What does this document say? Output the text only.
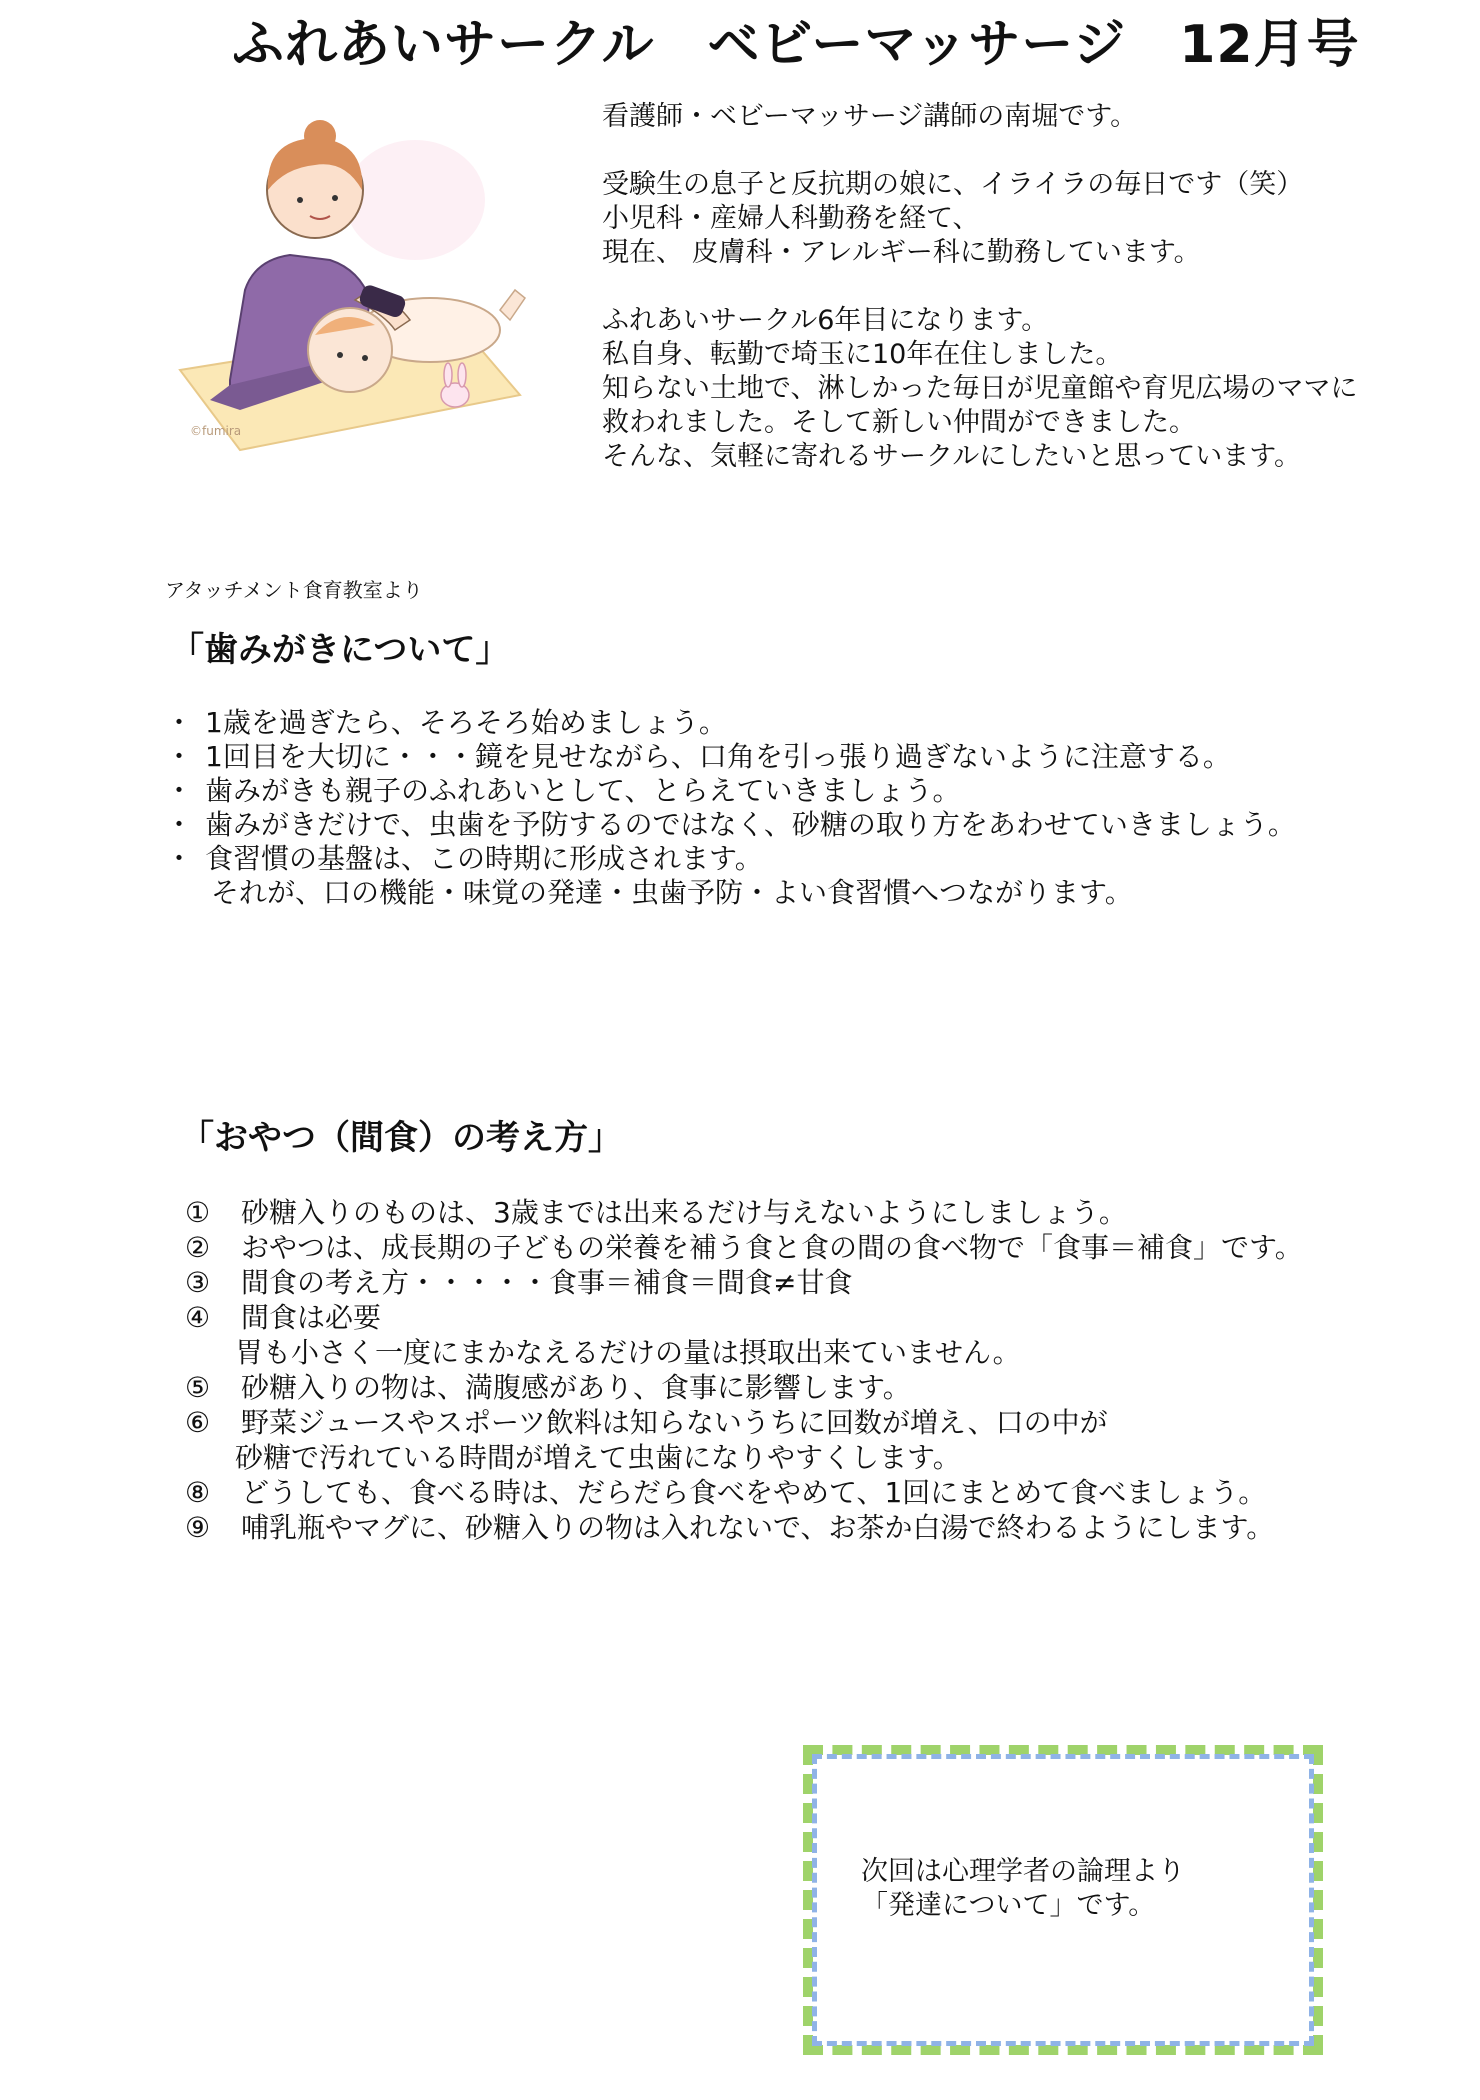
ふれあいサークル　ベビーマッサージ　12月号
©fumira

看護師・ベビーマッサージ講師の南堀です。

受験生の息子と反抗期の娘に、イライラの毎日です（笑）

小児科・産婦人科勤務を経て、

現在、 皮膚科・アレルギー科に勤務しています。

ふれあいサークル6年目になります。

私自身、転勤で埼玉に10年在住しました。

知らない土地で、淋しかった毎日が児童館や育児広場のママに

救われました。そして新しい仲間ができました。

そんな、気軽に寄れるサークルにしたいと思っています。

アタッチメント食育教室より
「歯みがきについて」
・ 1歳を過ぎたら、そろそろ始めましょう。
・ 1回目を大切に・・・鏡を見せながら、口角を引っ張り過ぎないように注意する。
・ 歯みがきも親子のふれあいとして、とらえていきましょう。
・ 歯みがきだけで、虫歯を予防するのではなく、砂糖の取り方をあわせていきましょう。
・ 食習慣の基盤は、この時期に形成されます。
それが、口の機能・味覚の発達・虫歯予防・よい食習慣へつながります。
「おやつ（間食）の考え方」
①	砂糖入りのものは、3歳までは出来るだけ与えないようにしましょう。
②	おやつは、成長期の子どもの栄養を補う食と食の間の食べ物で「食事＝補食」です。
③	間食の考え方・・・・・食事＝補食＝間食≠甘食
④	間食は必要
胃も小さく一度にまかなえるだけの量は摂取出来ていません。
⑤	砂糖入りの物は、満腹感があり、食事に影響します。
⑥	野菜ジュースやスポーツ飲料は知らないうちに回数が増え、口の中が
砂糖で汚れている時間が増えて虫歯になりやすくします。
⑧	どうしても、食べる時は、だらだら食べをやめて、1回にまとめて食べましょう。
⑨	哺乳瓶やマグに、砂糖入りの物は入れないで、お茶か白湯で終わるようにします。

次回は心理学者の論理より

「発達について」です。
